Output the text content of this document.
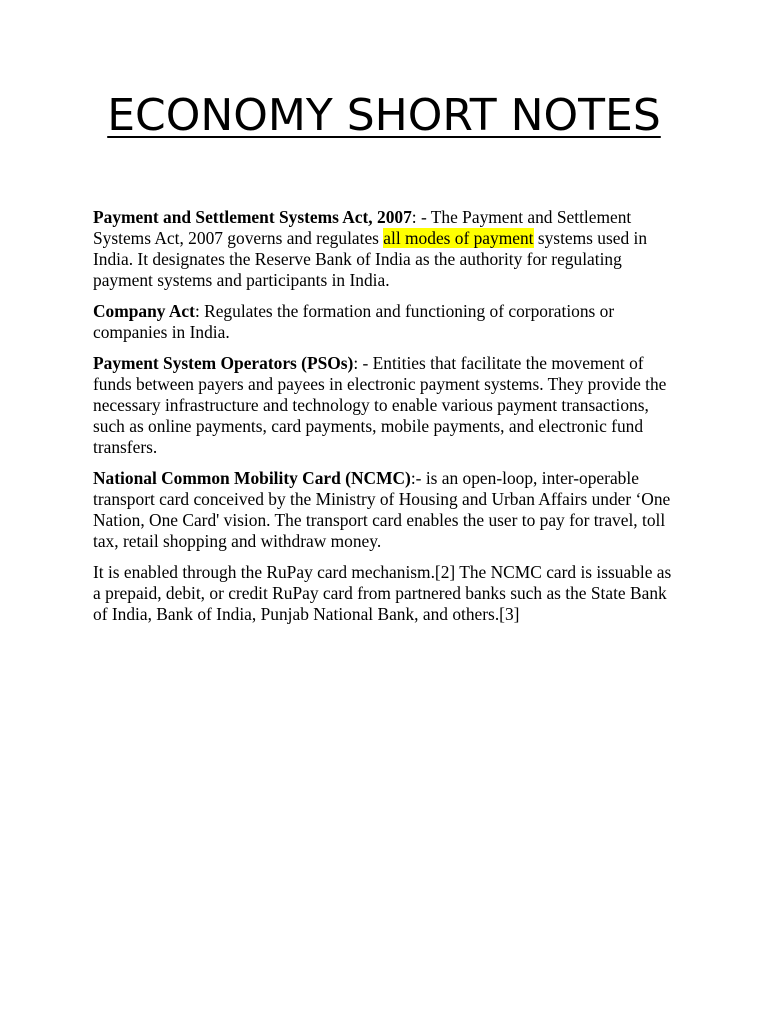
ECONOMY SHORT NOTES

Payment and Settlement Systems Act, 2007: - The Payment and Settlement Systems Act, 2007 governs and regulates all modes of payment systems used in India. It designates the Reserve Bank of India as the authority for regulating payment systems and participants in India.

Company Act: Regulates the formation and functioning of corporations or companies in India.

Payment System Operators (PSOs): - Entities that facilitate the movement of funds between payers and payees in electronic payment systems. They provide the necessary infrastructure and technology to enable various payment transactions, such as online payments, card payments, mobile payments, and electronic fund transfers.

National Common Mobility Card (NCMC):- is an open-loop, inter-operable transport card conceived by the Ministry of Housing and Urban Affairs under ‘One Nation, One Card' vision. The transport card enables the user to pay for travel, toll tax, retail shopping and withdraw money.

It is enabled through the RuPay card mechanism.[2] The NCMC card is issuable as a prepaid, debit, or credit RuPay card from partnered banks such as the State Bank of India, Bank of India, Punjab National Bank, and others.[3]
